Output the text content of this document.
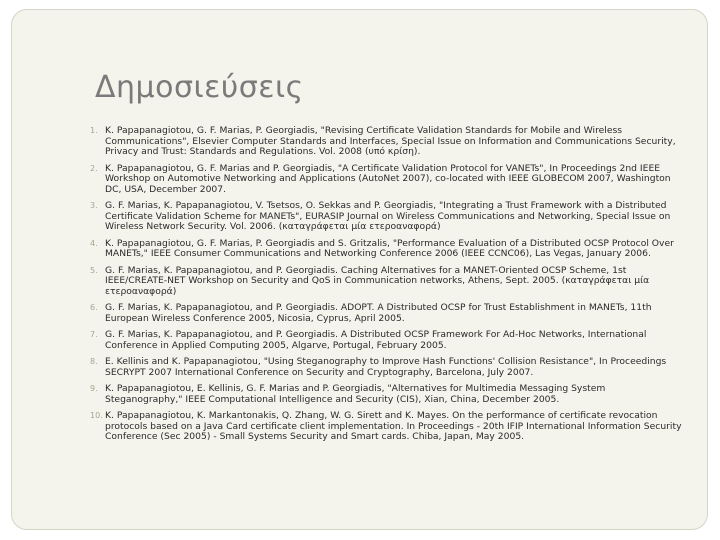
Δημοσιεύσεις
1. K. Papapanagiotou, G. F. Marias, P. Georgiadis, "Revising Certificate Validation Standards for Mobile and Wireless Communications", Elsevier Computer Standards and Interfaces, Special Issue on Information and Communications Security, Privacy and Trust: Standards and Regulations. Vol. 2008 (υπό κρίση).
2. K. Papapanagiotou, G. F. Marias and P. Georgiadis, "A Certificate Validation Protocol for VANETs", In Proceedings 2nd IEEE Workshop on Automotive Networking and Applications (AutoNet 2007), co-located with IEEE GLOBECOM 2007, Washington DC, USA, December 2007.
3. G. F. Marias, K. Papapanagiotou, V. Tsetsos, O. Sekkas and P. Georgiadis, "Integrating a Trust Framework with a Distributed Certificate Validation Scheme for MANETs", EURASIP Journal on Wireless Communications and Networking, Special Issue on Wireless Network Security. Vol. 2006. (καταγράφεται μία ετεροαναφορά)
4. K. Papapanagiotou, G. F. Marias, P. Georgiadis and S. Gritzalis, "Performance Evaluation of a Distributed OCSP Protocol Over MANETs," IEEE Consumer Communications and Networking Conference 2006 (IEEE CCNC06), Las Vegas, January 2006.
5. G. F. Marias, K. Papapanagiotou, and P. Georgiadis. Caching Alternatives for a MANET-Oriented OCSP Scheme, 1st IEEE/CREATE-NET Workshop on Security and QoS in Communication networks, Athens, Sept. 2005. (καταγράφεται μία ετεροαναφορά)
6. G. F. Marias, K. Papapanagiotou, and P. Georgiadis. ADOPT. A Distributed OCSP for Trust Establishment in MANETs, 11th European Wireless Conference 2005, Nicosia, Cyprus, April 2005.
7. G. F. Marias, K. Papapanagiotou, and P. Georgiadis. A Distributed OCSP Framework For Ad-Hoc Networks, International Conference in Applied Computing 2005, Algarve, Portugal, February 2005.
8. E. Kellinis and K. Papapanagiotou, "Using Steganography to Improve Hash Functions' Collision Resistance", In Proceedings SECRYPT 2007 International Conference on Security and Cryptography, Barcelona, July 2007.
9. K. Papapanagiotou, E. Kellinis, G. F. Marias and P. Georgiadis, "Alternatives for Multimedia Messaging System Steganography," IEEE Computational Intelligence and Security (CIS), Xian, China, December 2005.
10. K. Papapanagiotou, K. Markantonakis, Q. Zhang, W. G. Sirett and K. Mayes. On the performance of certificate revocation protocols based on a Java Card certificate client implementation. In Proceedings - 20th IFIP International Information Security Conference (Sec 2005) - Small Systems Security and Smart cards. Chiba, Japan, May 2005.
